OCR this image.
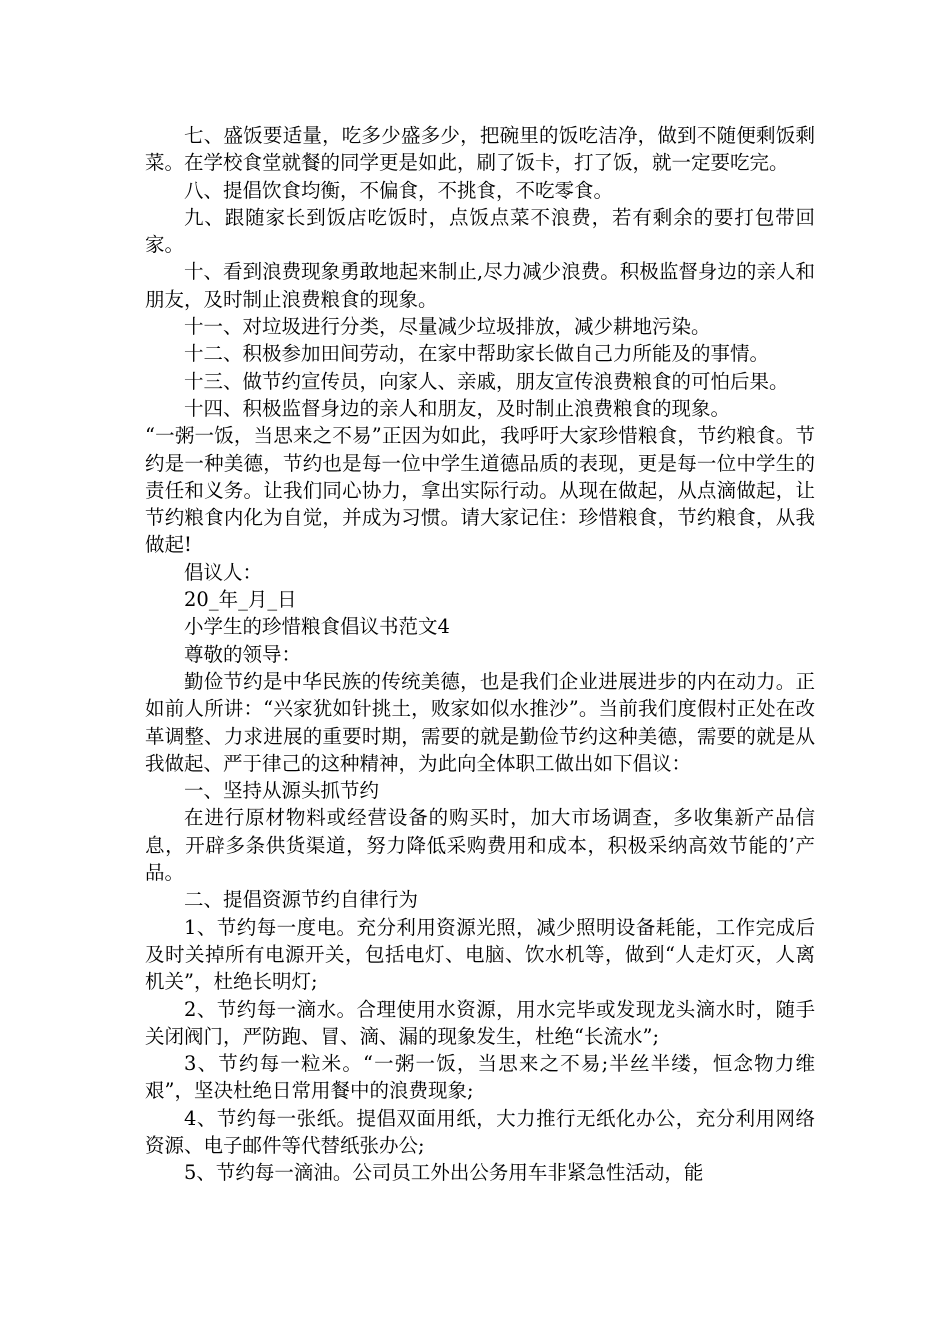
七、盛饭要适量，吃多少盛多少，把碗里的饭吃洁净，做到不随便剩饭剩菜。在学校食堂就餐的同学更是如此，刷了饭卡，打了饭，就一定要吃完。

八、提倡饮食均衡，不偏食，不挑食，不吃零食。

九、跟随家长到饭店吃饭时，点饭点菜不浪费，若有剩余的要打包带回家。

十、看到浪费现象勇敢地起来制止,尽力减少浪费。积极监督身边的亲人和朋友，及时制止浪费粮食的现象。

十一、对垃圾进行分类，尽量减少垃圾排放，减少耕地污染。

十二、积极参加田间劳动，在家中帮助家长做自己力所能及的事情。

十三、做节约宣传员，向家人、亲戚，朋友宣传浪费粮食的可怕后果。

十四、积极监督身边的亲人和朋友，及时制止浪费粮食的现象。

“一粥一饭，当思来之不易”正因为如此，我呼吁大家珍惜粮食，节约粮食。节约是一种美德，节约也是每一位中学生道德品质的表现，更是每一位中学生的责任和义务。让我们同心协力，拿出实际行动。从现在做起，从点滴做起，让节约粮食内化为自觉，并成为习惯。请大家记住：珍惜粮食，节约粮食，从我做起!

倡议人：

20_年_月_日

小学生的珍惜粮食倡议书范文4

尊敬的领导：

勤俭节约是中华民族的传统美德，也是我们企业进展进步的内在动力。正如前人所讲：“兴家犹如针挑土，败家如似水推沙”。当前我们度假村正处在改革调整、力求进展的重要时期，需要的就是勤俭节约这种美德，需要的就是从我做起、严于律己的这种精神，为此向全体职工做出如下倡议：

一、坚持从源头抓节约

在进行原材物料或经营设备的购买时，加大市场调查，多收集新产品信息，开辟多条供货渠道，努力降低采购费用和成本，积极采纳高效节能的’产品。

二、提倡资源节约自律行为

1、节约每一度电。充分利用资源光照，减少照明设备耗能，工作完成后及时关掉所有电源开关，包括电灯、电脑、饮水机等，做到“人走灯灭，人离机关”，杜绝长明灯;

2、节约每一滴水。合理使用水资源，用水完毕或发现龙头滴水时，随手关闭阀门，严防跑、冒、滴、漏的现象发生，杜绝“长流水”;

3、节约每一粒米。“一粥一饭，当思来之不易;半丝半缕，恒念物力维艰”，坚决杜绝日常用餐中的浪费现象;

4、节约每一张纸。提倡双面用纸，大力推行无纸化办公，充分利用网络资源、电子邮件等代替纸张办公;

5、节约每一滴油。公司员工外出公务用车非紧急性活动，能
